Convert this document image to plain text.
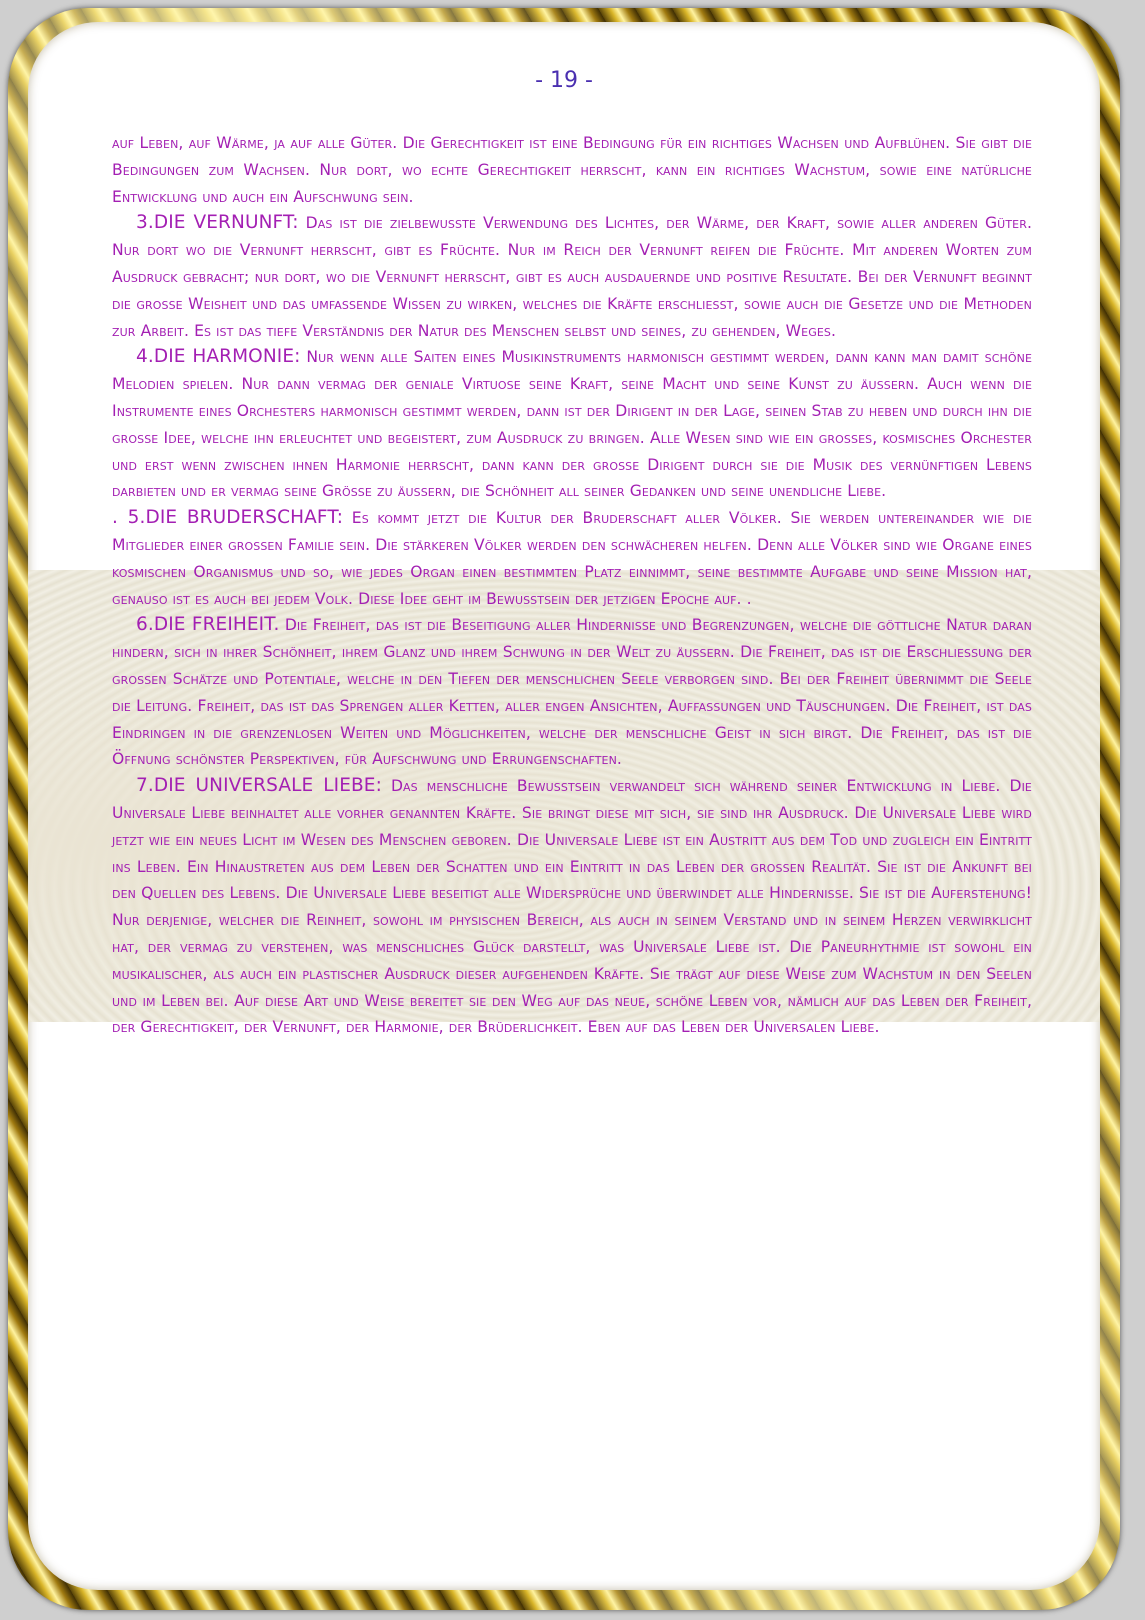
- 19 -

auf Leben, auf Wärme, ja auf alle Güter. Die Gerechtigkeit ist eine Bedingung für ein richtiges Wachsen und Aufblühen. Sie gibt die Bedingungen zum Wachsen. Nur dort, wo echte Gerechtigkeit herrscht, kann ein richtiges Wachstum, sowie eine natürliche Entwicklung und auch ein Aufschwung sein.

3.DIE VERNUNFT: Das ist die zielbewusste Verwendung des Lichtes, der Wärme, der Kraft, sowie aller anderen Güter. Nur dort wo die Vernunft herrscht, gibt es Früchte. Nur im Reich der Vernunft reifen die Früchte. Mit anderen Worten zum Ausdruck gebracht; nur dort, wo die Vernunft herrscht, gibt es auch ausdauernde und positive Resultate. Bei der Vernunft beginnt die grosse Weisheit und das umfassende Wissen zu wirken, welches die Kräfte erschliesst, sowie auch die Gesetze und die Methoden zur Arbeit. Es ist das tiefe Verständnis der Natur des Menschen selbst und seines, zu gehenden, Weges.

4.DIE HARMONIE: Nur wenn alle Saiten eines Musikinstruments harmonisch gestimmt werden, dann kann man damit schöne Melodien spielen. Nur dann vermag der geniale Virtuose seine Kraft, seine Macht und seine Kunst zu äussern. Auch wenn die Instrumente eines Orchesters harmonisch gestimmt werden, dann ist der Dirigent in der Lage, seinen Stab zu heben und durch ihn die grosse Idee, welche ihn erleuchtet und begeistert, zum Ausdruck zu bringen. Alle Wesen sind wie ein grosses, kosmisches Orchester und erst wenn zwischen ihnen Harmonie herrscht, dann kann der grosse Dirigent durch sie die Musik des vernünftigen Lebens darbieten und er vermag seine Grösse zu äussern, die Schönheit all seiner Gedanken und seine unendliche Liebe.

. 5.DIE BRUDERSCHAFT: Es kommt jetzt die Kultur der Bruderschaft aller Völker. Sie werden untereinander wie die Mitglieder einer grossen Familie sein. Die stärkeren Völker werden den schwächeren helfen. Denn alle Völker sind wie Organe eines kosmischen Organismus und so, wie jedes Organ einen bestimmten Platz einnimmt, seine bestimmte Aufgabe und seine Mission hat, genauso ist es auch bei jedem Volk. Diese Idee geht im Bewusstsein der jetzigen Epoche auf. .

6.DIE FREIHEIT. Die Freiheit, das ist die Beseitigung aller Hindernisse und Begrenzungen, welche die göttliche Natur daran hindern, sich in ihrer Schönheit, ihrem Glanz und ihrem Schwung in der Welt zu äussern. Die Freiheit, das ist die Erschliessung der grossen Schätze und Potentiale, welche in den Tiefen der menschlichen Seele verborgen sind. Bei der Freiheit übernimmt die Seele die Leitung. Freiheit, das ist das Sprengen aller Ketten, aller engen Ansichten, Auffassungen und Täuschungen. Die Freiheit, ist das Eindringen in die grenzenlosen Weiten und Möglichkeiten, welche der menschliche Geist in sich birgt. Die Freiheit, das ist die Öffnung schönster Perspektiven, für Aufschwung und Errungenschaften.

7.DIE UNIVERSALE LIEBE: Das menschliche Bewusstsein verwandelt sich während seiner Entwicklung in Liebe. Die Universale Liebe beinhaltet alle vorher genannten Kräfte. Sie bringt diese mit sich, sie sind ihr Ausdruck. Die Universale Liebe wird jetzt wie ein neues Licht im Wesen des Menschen geboren. Die Universale Liebe ist ein Austritt aus dem Tod und zugleich ein Eintritt ins Leben. Ein Hinaustreten aus dem Leben der Schatten und ein Eintritt in das Leben der grossen Realität. Sie ist die Ankunft bei den Quellen des Lebens. Die Universale Liebe beseitigt alle Widersprüche und überwindet alle Hindernisse. Sie ist die Auferstehung! Nur derjenige, welcher die Reinheit, sowohl im physischen Bereich, als auch in seinem Verstand und in seinem Herzen verwirklicht hat, der vermag zu verstehen, was menschliches Glück darstellt, was Universale Liebe ist. Die Paneurhythmie ist sowohl ein musikalischer, als auch ein plastischer Ausdruck dieser aufgehenden Kräfte. Sie trägt auf diese Weise zum Wachstum in den Seelen und im Leben bei. Auf diese Art und Weise bereitet sie den Weg auf das neue, schöne Leben vor, nämlich auf das Leben der Freiheit, der Gerechtigkeit, der Vernunft, der Harmonie, der Brüderlichkeit. Eben auf das Leben der Universalen Liebe.
